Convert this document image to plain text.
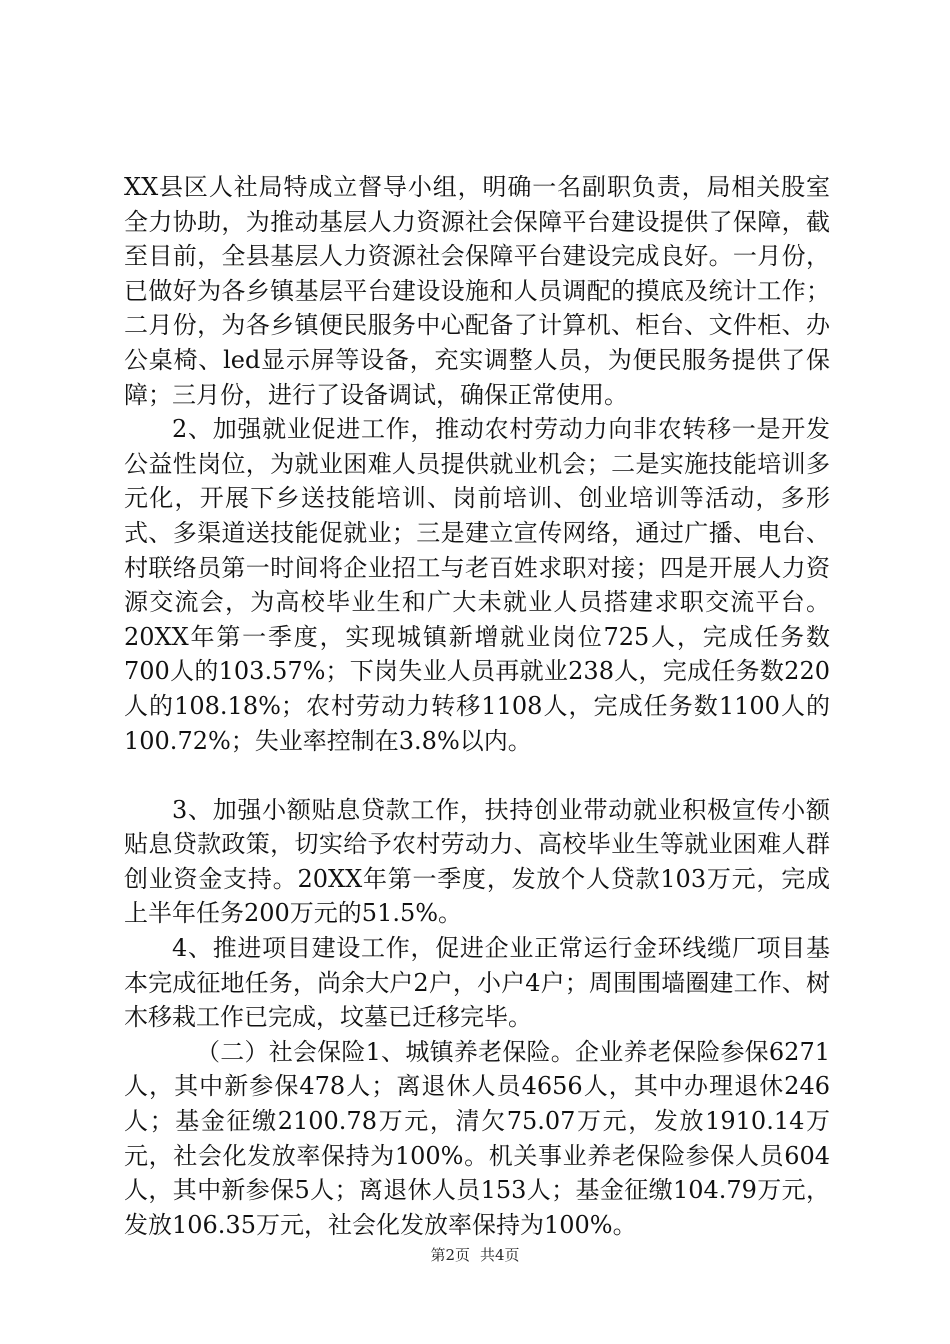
XX县区人社局特成立督导小组，明确一名副职负责，局相关股室全力协助，为推动基层人力资源社会保障平台建设提供了保障，截至目前，全县基层人力资源社会保障平台建设完成良好。一月份，已做好为各乡镇基层平台建设设施和人员调配的摸底及统计工作；二月份，为各乡镇便民服务中心配备了计算机、柜台、文件柜、办公桌椅、led显示屏等设备，充实调整人员，为便民服务提供了保障；三月份，进行了设备调试，确保正常使用。

2、加强就业促进工作，推动农村劳动力向非农转移一是开发公益性岗位，为就业困难人员提供就业机会；二是实施技能培训多元化，开展下乡送技能培训、岗前培训、创业培训等活动，多形式、多渠道送技能促就业；三是建立宣传网络，通过广播、电台、村联络员第一时间将企业招工与老百姓求职对接；四是开展人力资源交流会，为高校毕业生和广大未就业人员搭建求职交流平台。20XX年第一季度，实现城镇新增就业岗位725人，完成任务数700人的103.57%；下岗失业人员再就业238人，完成任务数220人的108.18%；农村劳动力转移1108人，完成任务数1100人的100.72%；失业率控制在3.8%以内。

3、加强小额贴息贷款工作，扶持创业带动就业积极宣传小额贴息贷款政策，切实给予农村劳动力、高校毕业生等就业困难人群创业资金支持。20XX年第一季度，发放个人贷款103万元，完成上半年任务200万元的51.5%。

4、推进项目建设工作，促进企业正常运行金环线缆厂项目基本完成征地任务，尚余大户2户，小户4户；周围围墙圈建工作、树木移栽工作已完成，坟墓已迁移完毕。

（二）社会保险1、城镇养老保险。企业养老保险参保6271人，其中新参保478人；离退休人员4656人，其中办理退休246人；基金征缴2100.78万元，清欠75.07万元，发放1910.14万元，社会化发放率保持为100%。机关事业养老保险参保人员604人，其中新参保5人；离退休人员153人；基金征缴104.79万元，发放106.35万元，社会化发放率保持为100%。

第2页 共4页
